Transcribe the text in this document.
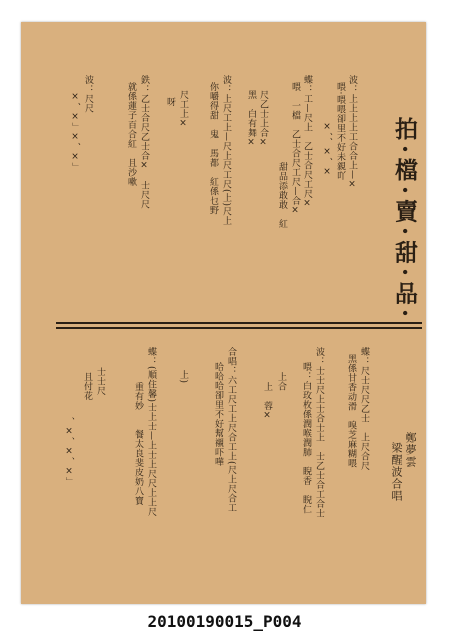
拍·檔·賣·甜·品·
鄭夢雲
梁醒波合唱
波：上上上上工合合上—×
喂·喂喂卻里不好未親吖
×、、×、×
蝶：工—尺上　乙士合尺工尺×
喂　一檔　乙士合尺工尺—合×
甜品添敢敢　紅
尺乙士上合×
黑　白有舞×
波：上尺工上—尺上尺工尺(上)尺上
你嚼得甜　鬼　馬都　紅係乜野
尺工上×
呀
鉄：乙士合尺乙士合×　士尺尺
就係蓮子百合紅　且沙嗽
波：尺尺
×、×」×、×」
蝶：尺士尺尺乙士　上尺合尺
黑係甘香动滑　嗅芝麻糊喂
波：士士尺上士合士上　士乙士合工合士
喂：白玫枚係潤喉潤肺　睨香　睨仁
上合
上　蓉×
合唱：六工尺工上尺合工上(尺上尺合工
哈哈哈卻里不好幫襯吓嘩
上)
蝶：(順住馨)士上士—上士上尺尺上上尺
重有妙　　餐太良斐皮奶八寶
士士尺
且付花
、×、×、×」
20100190015_P004
